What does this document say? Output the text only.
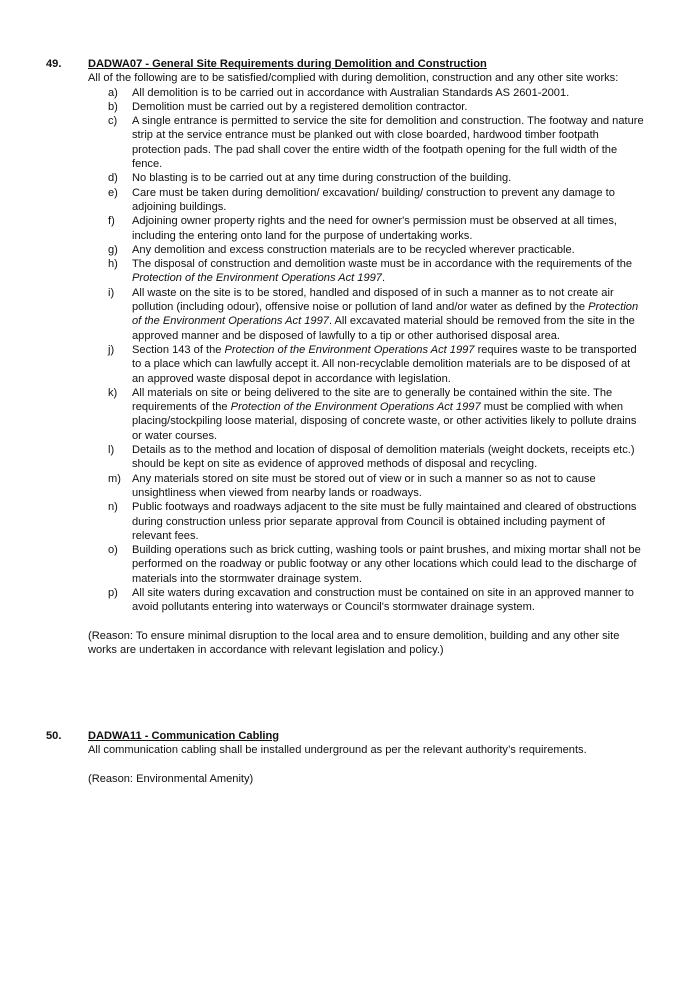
49. DADWA07 - General Site Requirements during Demolition and Construction

All of the following are to be satisfied/complied with during demolition, construction and any other site works:

a) All demolition is to be carried out in accordance with Australian Standards AS 2601-2001.
b) Demolition must be carried out by a registered demolition contractor.
c) A single entrance is permitted to service the site for demolition and construction. The footway and nature strip at the service entrance must be planked out with close boarded, hardwood timber footpath protection pads. The pad shall cover the entire width of the footpath opening for the full width of the fence.
d) No blasting is to be carried out at any time during construction of the building.
e) Care must be taken during demolition/ excavation/ building/ construction to prevent any damage to adjoining buildings.
f) Adjoining owner property rights and the need for owner's permission must be observed at all times, including the entering onto land for the purpose of undertaking works.
g) Any demolition and excess construction materials are to be recycled wherever practicable.
h) The disposal of construction and demolition waste must be in accordance with the requirements of the Protection of the Environment Operations Act 1997.
i) All waste on the site is to be stored, handled and disposed of in such a manner as to not create air pollution (including odour), offensive noise or pollution of land and/or water as defined by the Protection of the Environment Operations Act 1997. All excavated material should be removed from the site in the approved manner and be disposed of lawfully to a tip or other authorised disposal area.
j) Section 143 of the Protection of the Environment Operations Act 1997 requires waste to be transported to a place which can lawfully accept it. All non-recyclable demolition materials are to be disposed of at an approved waste disposal depot in accordance with legislation.
k) All materials on site or being delivered to the site are to generally be contained within the site. The requirements of the Protection of the Environment Operations Act 1997 must be complied with when placing/stockpiling loose material, disposing of concrete waste, or other activities likely to pollute drains or water courses.
l) Details as to the method and location of disposal of demolition materials (weight dockets, receipts etc.) should be kept on site as evidence of approved methods of disposal and recycling.
m) Any materials stored on site must be stored out of view or in such a manner so as not to cause unsightliness when viewed from nearby lands or roadways.
n) Public footways and roadways adjacent to the site must be fully maintained and cleared of obstructions during construction unless prior separate approval from Council is obtained including payment of relevant fees.
o) Building operations such as brick cutting, washing tools or paint brushes, and mixing mortar shall not be performed on the roadway or public footway or any other locations which could lead to the discharge of materials into the stormwater drainage system.
p) All site waters during excavation and construction must be contained on site in an approved manner to avoid pollutants entering into waterways or Council's stormwater drainage system.

(Reason: To ensure minimal disruption to the local area and to ensure demolition, building and any other site works are undertaken in accordance with relevant legislation and policy.)

50. DADWA11 - Communication Cabling

All communication cabling shall be installed underground as per the relevant authority’s requirements.

(Reason: Environmental Amenity)
